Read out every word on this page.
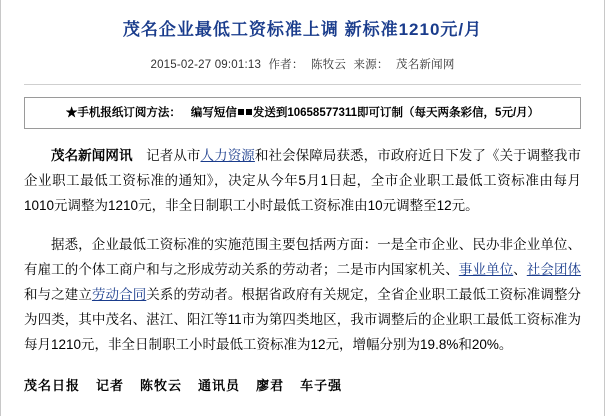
茂名企业最低工资标准上调 新标准1210元/月
2015-02-27 09:01:13 作者： 陈牧云 来源： 茂名新闻网
★手机报纸订阅方法： 编写短信 发送到10658577311即可订制（每天两条彩信，5元/月）

茂名新闻网讯　记者从市人力资源和社会保障局获悉，市政府近日下发了《关于调整我市企业职工最低工资标准的通知》，决定从今年5月1日起，全市企业职工最低工资标准由每月1010元调整为1210元，非全日制职工小时最低工资标准由10元调整至12元。

据悉，企业最低工资标准的实施范围主要包括两方面：一是全市企业、民办非企业单位、有雇工的个体工商户和与之形成劳动关系的劳动者；二是市内国家机关、事业单位、社会团体和与之建立劳动合同关系的劳动者。根据省政府有关规定，全省企业职工最低工资标准调整分为四类，其中茂名、湛江、阳江等11市为第四类地区，我市调整后的企业职工最低工资标准为每月1210元，非全日制职工小时最低工资标准为12元，增幅分别为19.8%和20%。

茂名日报 记者 陈牧云 通讯员 廖君 车子强
